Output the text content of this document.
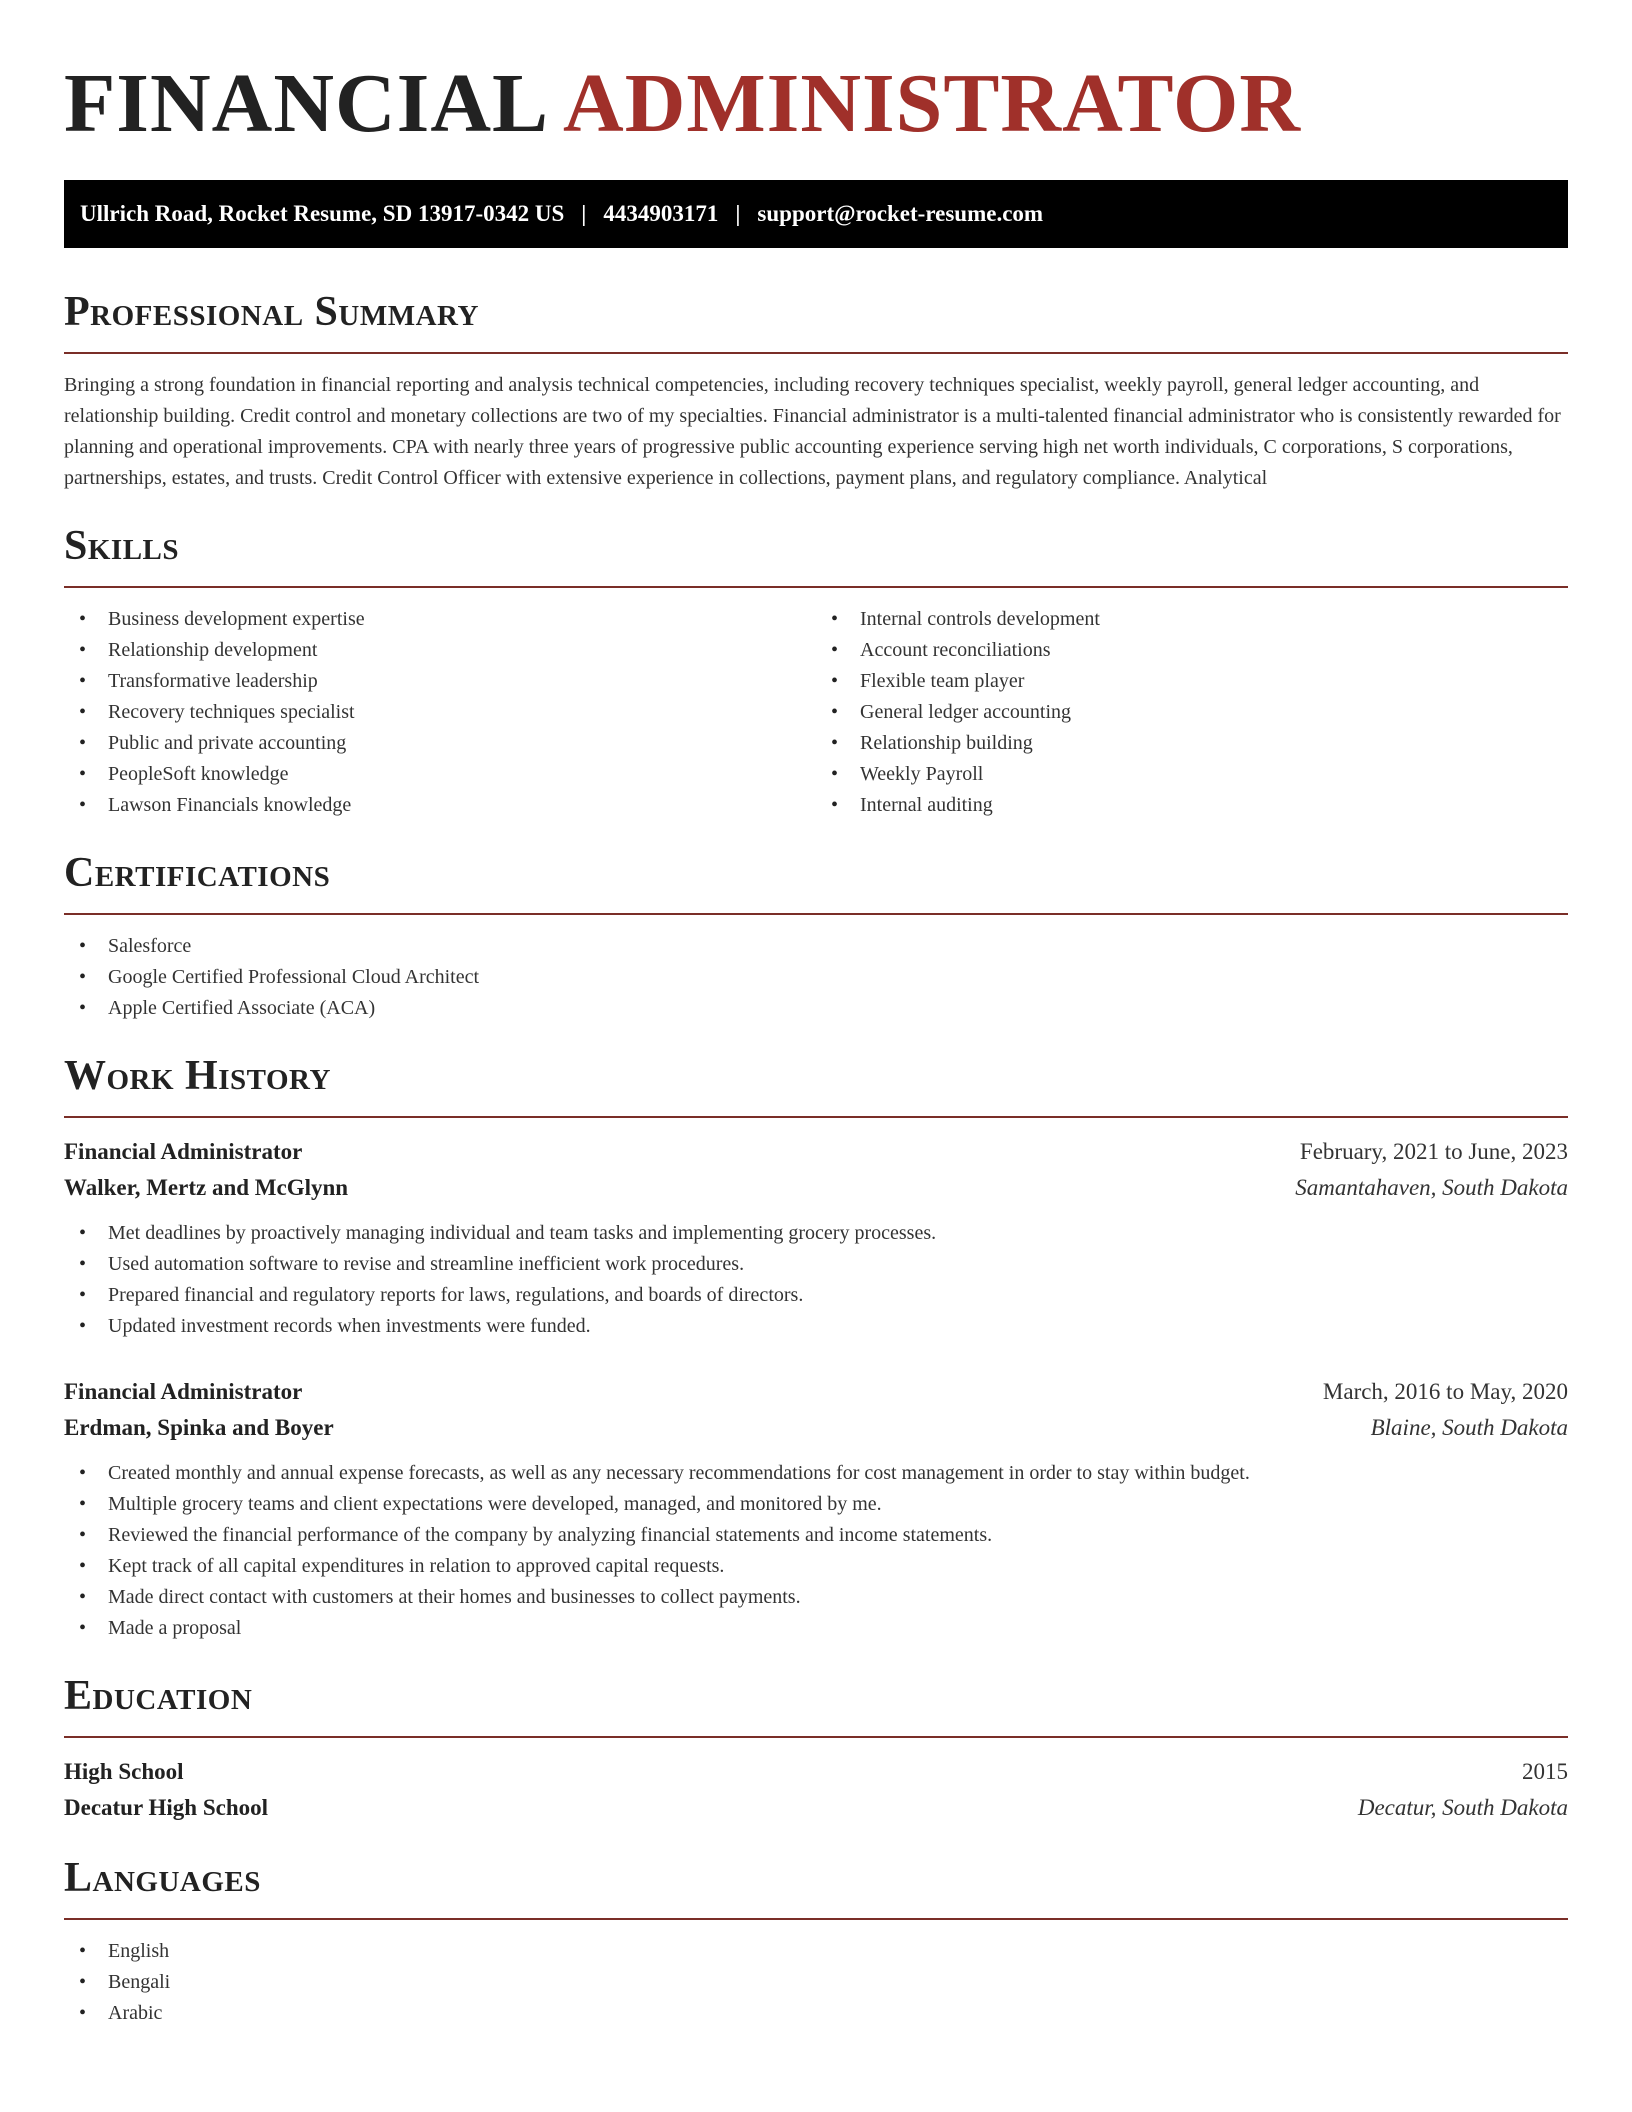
FINANCIAL ADMINISTRATOR
Ullrich Road, Rocket Resume, SD 13917-0342 US | 4434903171 | support@rocket-resume.com
Professional Summary

Bringing a strong foundation in financial reporting and analysis technical competencies, including recovery techniques specialist, weekly payroll, general ledger accounting, and relationship building. Credit control and monetary collections are two of my specialties. Financial administrator is a multi-talented financial administrator who is consistently rewarded for planning and operational improvements. CPA with nearly three years of progressive public accounting experience serving high net worth individuals, C corporations, S corporations, partnerships, estates, and trusts. Credit Control Officer with extensive experience in collections, payment plans, and regulatory compliance. Analytical

Skills
• Business development expertise
• Relationship development
• Transformative leadership
• Recovery techniques specialist
• Public and private accounting
• PeopleSoft knowledge
• Lawson Financials knowledge
• Internal controls development
• Account reconciliations
• Flexible team player
• General ledger accounting
• Relationship building
• Weekly Payroll
• Internal auditing
Certifications
• Salesforce
• Google Certified Professional Cloud Architect
• Apple Certified Associate (ACA)
Work History
Financial Administrator	February, 2021 to June, 2023
Walker, Mertz and McGlynn	Samantahaven, South Dakota
• Met deadlines by proactively managing individual and team tasks and implementing grocery processes.
• Used automation software to revise and streamline inefficient work procedures.
• Prepared financial and regulatory reports for laws, regulations, and boards of directors.
• Updated investment records when investments were funded.
Financial Administrator	March, 2016 to May, 2020
Erdman, Spinka and Boyer	Blaine, South Dakota
• Created monthly and annual expense forecasts, as well as any necessary recommendations for cost management in order to stay within budget.
• Multiple grocery teams and client expectations were developed, managed, and monitored by me.
• Reviewed the financial performance of the company by analyzing financial statements and income statements.
• Kept track of all capital expenditures in relation to approved capital requests.
• Made direct contact with customers at their homes and businesses to collect payments.
• Made a proposal
Education
High School	2015
Decatur High School	Decatur, South Dakota
Languages
• English
• Bengali
• Arabic
